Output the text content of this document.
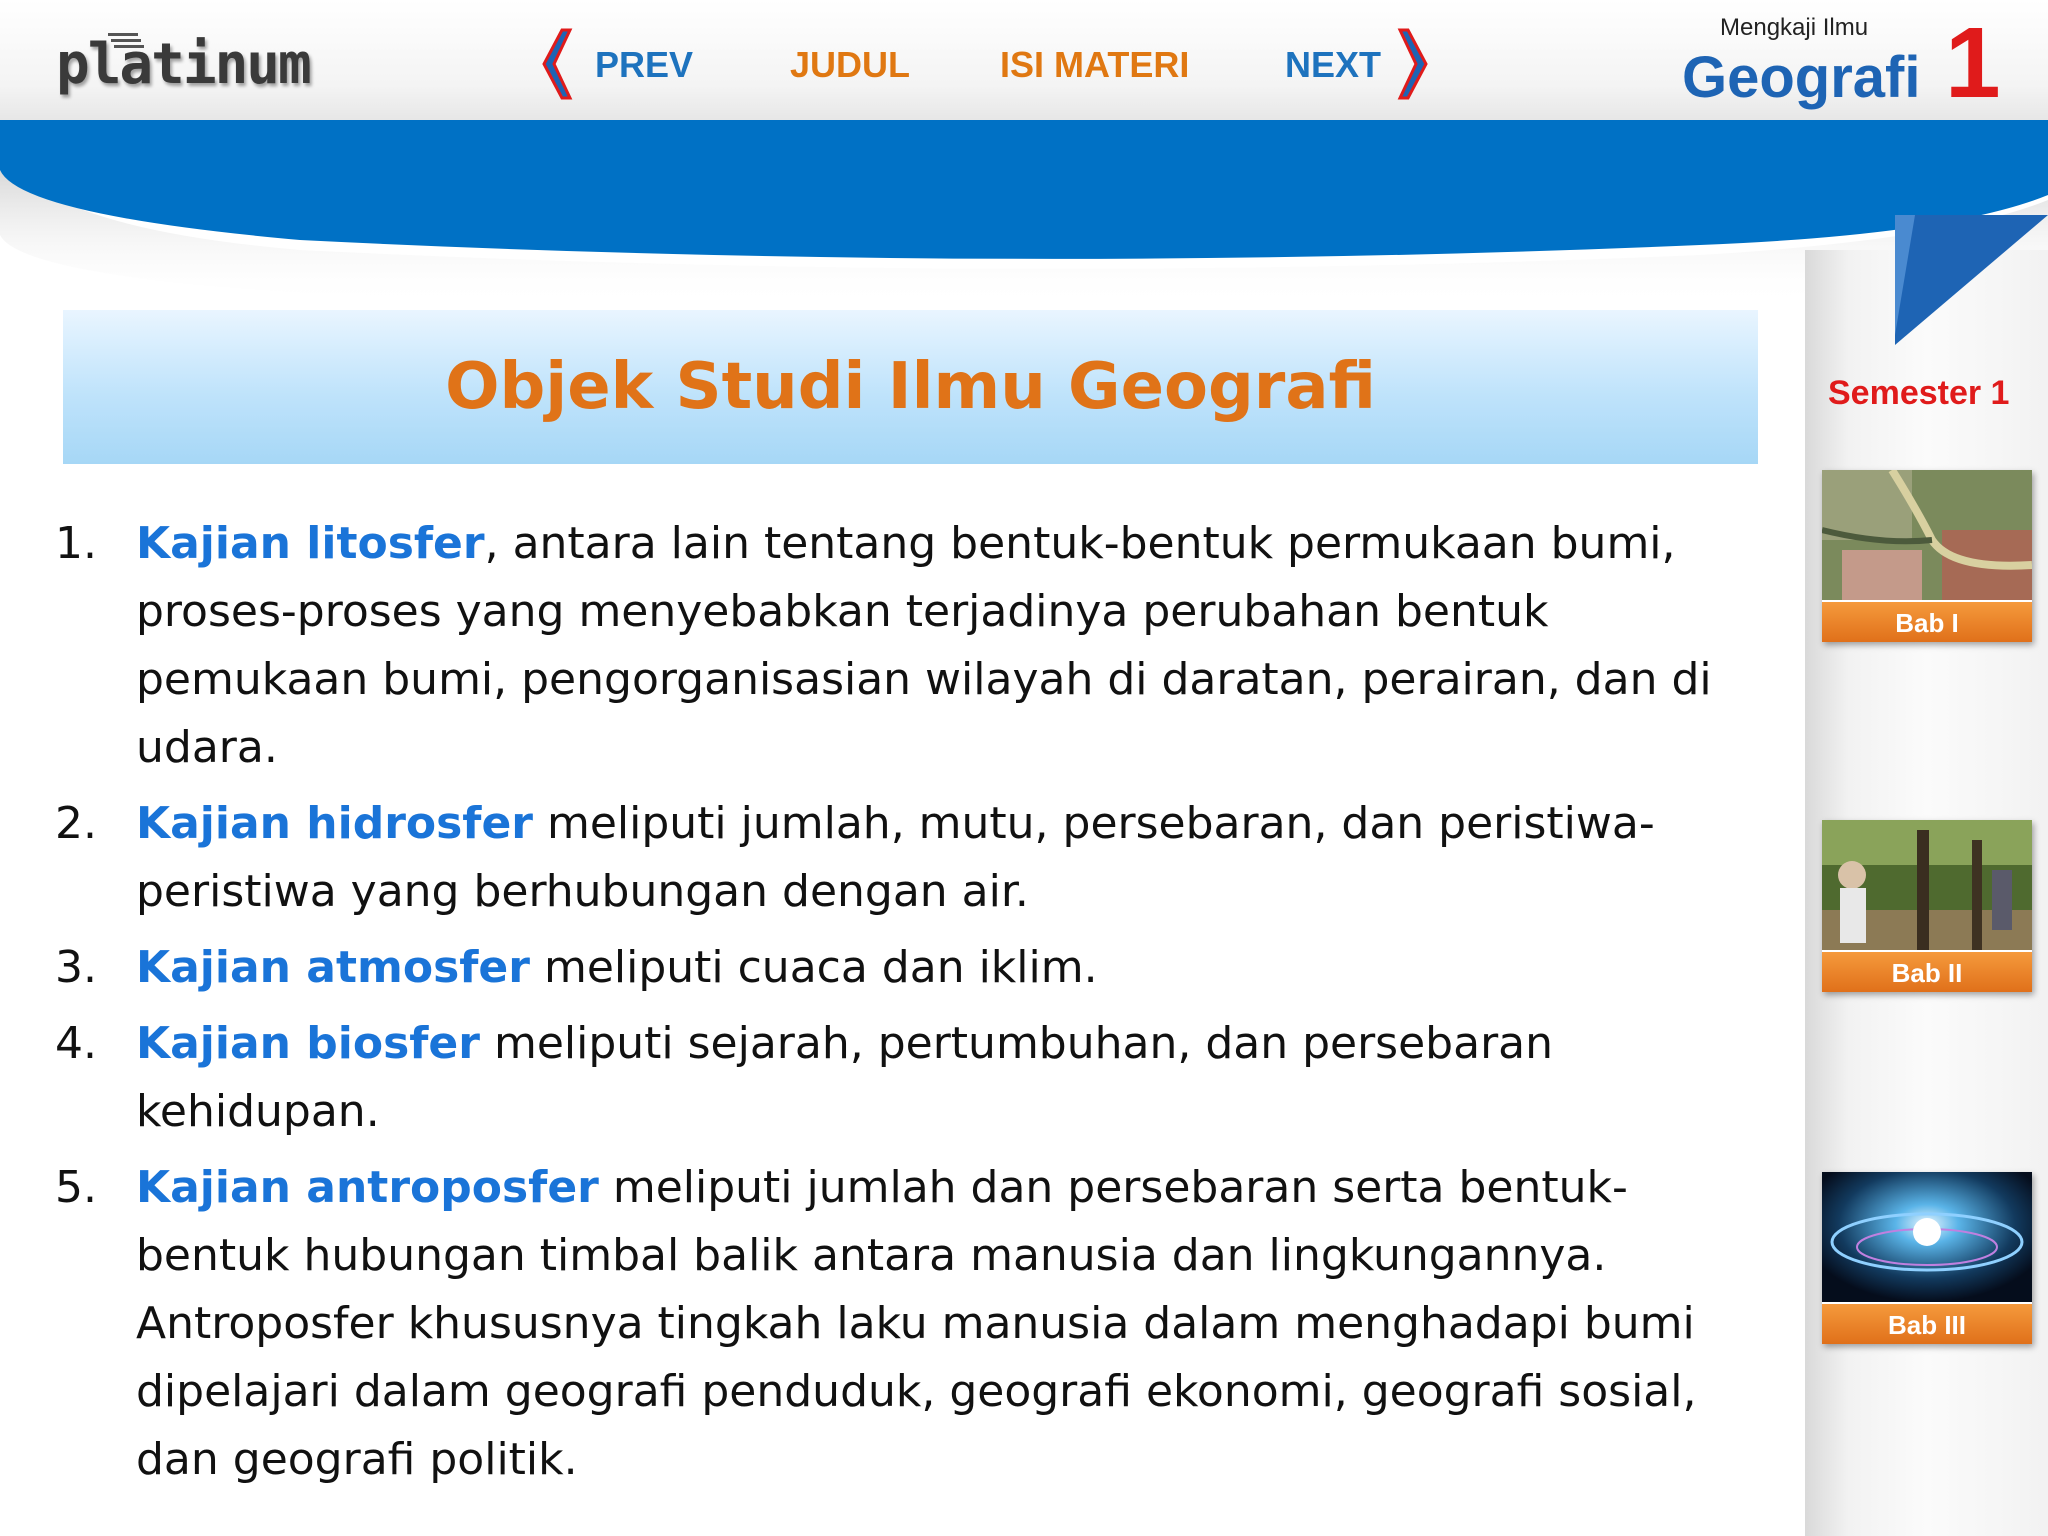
platinum	PREV	JUDUL ISI MATERI	NEXT
Mengkaji Ilmu
Geografi 1
Semester 1
Bab I
Bab II
Bab III
Objek Studi Ilmu Geografi
1. Kajian litosfer, antara lain tentang bentuk-bentuk permukaan bumi, proses-proses yang menyebabkan terjadinya perubahan bentuk pemukaan bumi, pengorganisasian wilayah di daratan, perairan, dan di udara.
2. Kajian hidrosfer meliputi jumlah, mutu, persebaran, dan peristiwa-peristiwa yang berhubungan dengan air.
3. Kajian atmosfer meliputi cuaca dan iklim.
4. Kajian biosfer meliputi sejarah, pertumbuhan, dan persebaran kehidupan.
5. Kajian antroposfer meliputi jumlah dan persebaran serta bentuk-bentuk hubungan timbal balik antara manusia dan lingkungannya. Antroposfer khususnya tingkah laku manusia dalam menghadapi bumi dipelajari dalam geografi penduduk, geografi ekonomi, geografi sosial, dan geografi politik.
